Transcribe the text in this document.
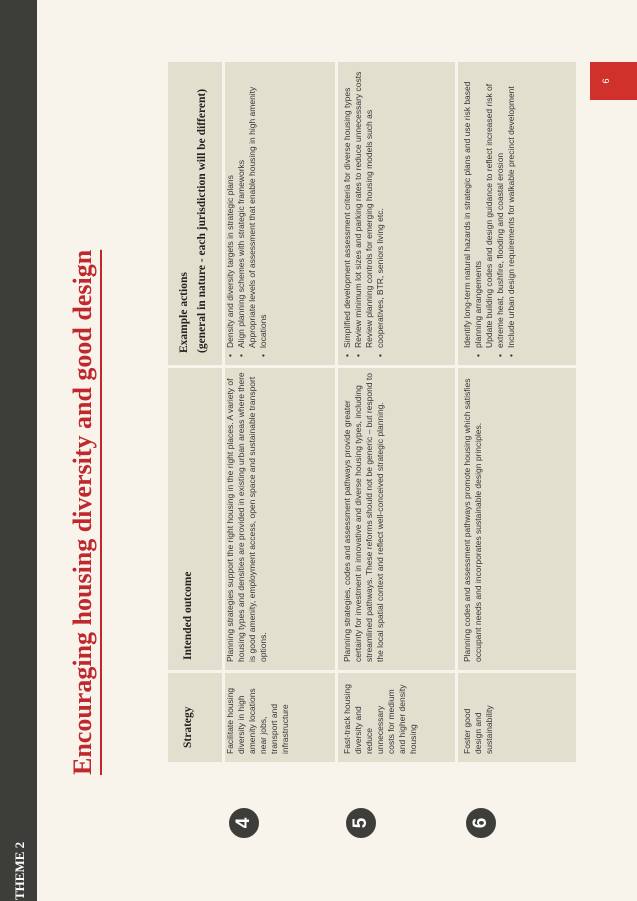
THEME 2
Encouraging housing diversity and good design
9
Strategy
Intended outcome
Example actions (general in nature - each jurisdiction will be different)
Facilitate housing diversity in high amenity locations near jobs, transport and infrastructure
Planning strategies support the right housing in the right places. A variety of housing types and densities are provided in existing urban areas where there is good amenity, employment access, open space and sustainable transport options.
• Density and diversity targets in strategic plans • Align planning schemes with strategic frameworks • Appropriate levels of assessment that enable housing in high amenity locations
Fast-track housing diversity and reduce unnecessary costs for medium and higher density housing
Planning strategies, codes and assessment pathways provide greater certainty for investment in innovative and diverse housing types, including streamlined pathways. These reforms should not be generic – but respond to the local spatial context and reflect well-conceived strategic planning.
• Simplified development assessment criteria for diverse housing types • Review minimum lot sizes and parking rates to reduce unnecessary costs • Review planning controls for emerging housing models such as cooperatives, BTR, seniors living etc.
Foster good design and sustainability
Planning codes and assessment pathways promote housing which satisfies occupant needs and incorporates sustainable design principles.
• Identify long-term natural hazards in strategic plans and use risk based planning arrangements • Update building codes and design guidance to reflect increased risk of extreme heat, bushfire, flooding and coastal erosion • Include urban design requirements for walkable precinct development
4	5	6
